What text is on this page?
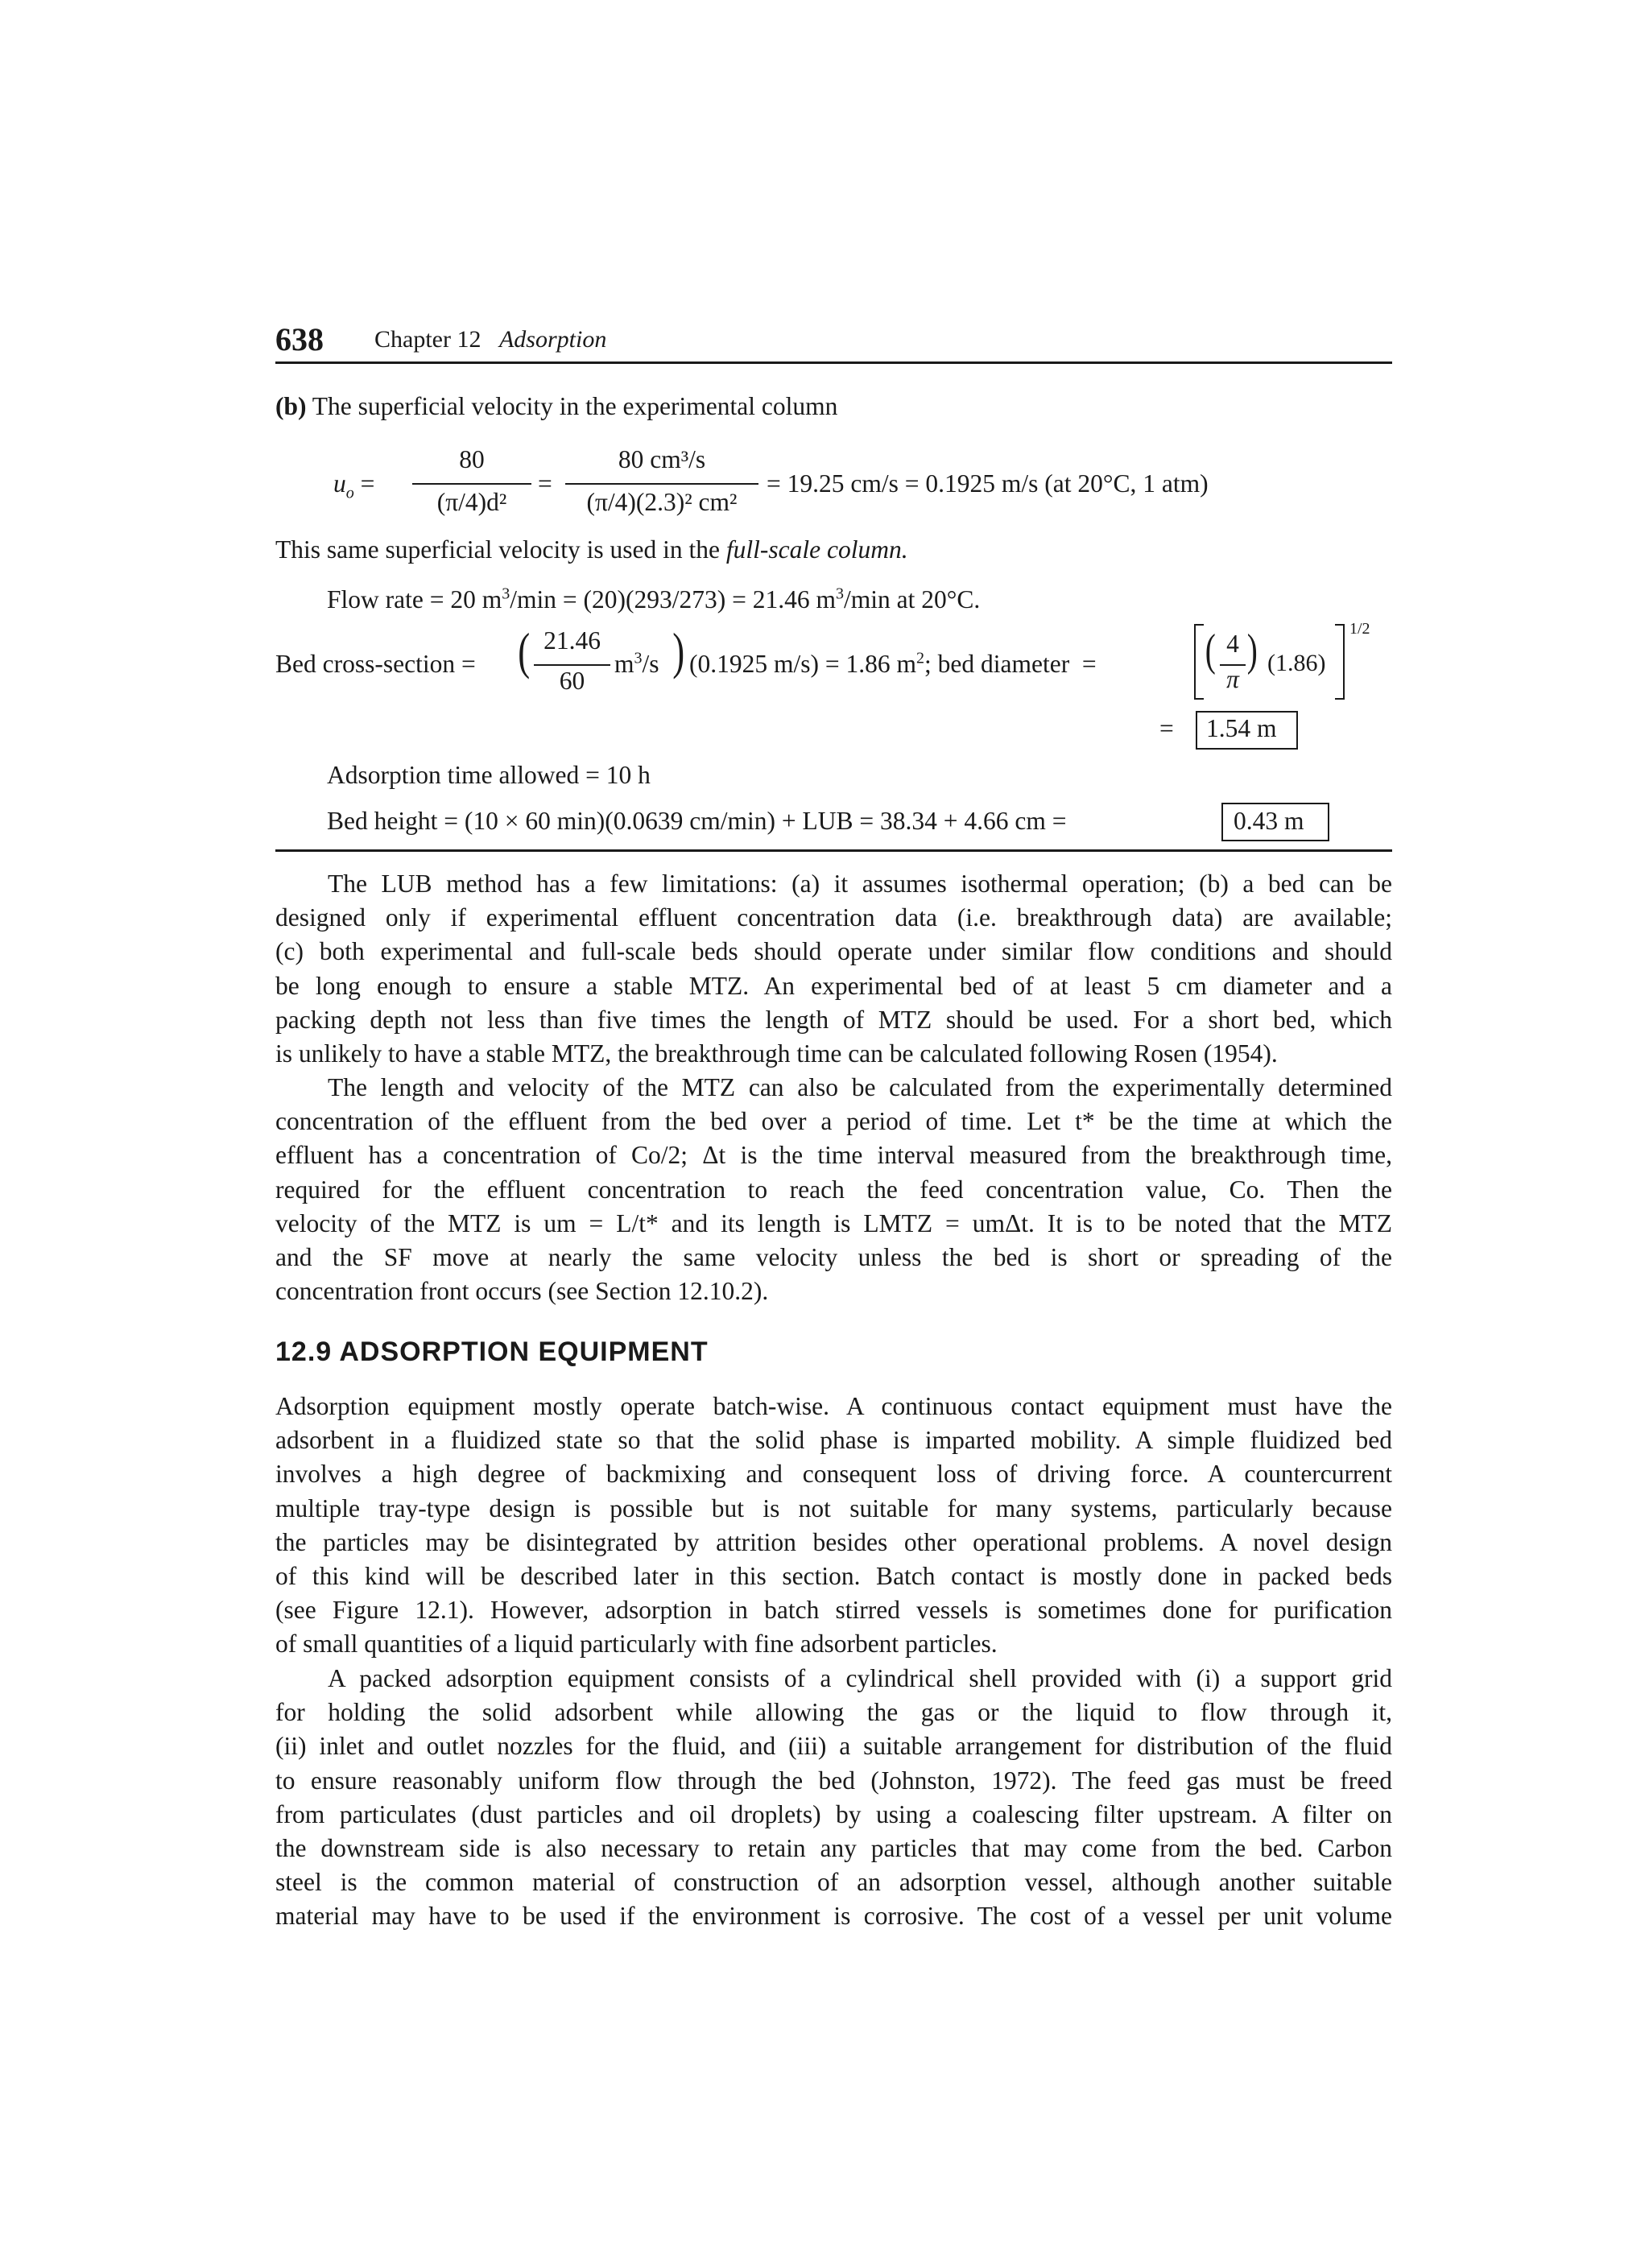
638 Chapter 12 Adsorption
(b) The superficial velocity in the experimental column
$u_o$ =
80
(π/4)d²
=
80 cm³/s
(π/4)(2.3)² cm²
= 19.25 cm/s = 0.1925 m/s (at 20°C, 1 atm)
This same superficial velocity is used in the full-scale column.
Flow rate = 20 $m^3/\min = (20)(293/273) = 21.46$ $m^3/\min$ at 20°C.
Bed cross-section = ( 21.46
60
$m^3/s$ ) (0.1925 m/s) = 1.86 $m^2$; bed diameter  = ( 4
π
) (1.86)
1/2
= 1.54 m
Adsorption time allowed = 10 h
Bed height = (10 × 60 min)(0.0639 cm/min) + LUB = 38.34 + 4.66 cm =	0.43 m
The LUB method has a few limitations: (a) it assumes isothermal operation; (b) a bed can be
designed only if experimental effluent concentration data (i.e. breakthrough data) are available;
(c) both experimental and full-scale beds should operate under similar flow conditions and should
be long enough to ensure a stable MTZ. An experimental bed of at least 5 cm diameter and a
packing depth not less than five times the length of MTZ should be used. For a short bed, which
is unlikely to have a stable MTZ, the breakthrough time can be calculated following Rosen (1954).
The length and velocity of the MTZ can also be calculated from the experimentally determined
concentration of the effluent from the bed over a period of time. Let t* be the time at which the
effluent has a concentration of Co/2; Δt is the time interval measured from the breakthrough time,
required for the effluent concentration to reach the feed concentration value, Co. Then the
velocity of the MTZ is um = L/t* and its length is LMTZ = umΔt. It is to be noted that the MTZ
and the SF move at nearly the same velocity unless the bed is short or spreading of the
concentration front occurs (see Section 12.10.2).
12.9 ADSORPTION EQUIPMENT
Adsorption equipment mostly operate batch-wise. A continuous contact equipment must have the
adsorbent in a fluidized state so that the solid phase is imparted mobility. A simple fluidized bed
involves a high degree of backmixing and consequent loss of driving force. A countercurrent
multiple tray-type design is possible but is not suitable for many systems, particularly because
the particles may be disintegrated by attrition besides other operational problems. A novel design
of this kind will be described later in this section. Batch contact is mostly done in packed beds
(see Figure 12.1). However, adsorption in batch stirred vessels is sometimes done for purification
of small quantities of a liquid particularly with fine adsorbent particles.
A packed adsorption equipment consists of a cylindrical shell provided with (i) a support grid
for holding the solid adsorbent while allowing the gas or the liquid to flow through it,
(ii) inlet and outlet nozzles for the fluid, and (iii) a suitable arrangement for distribution of the fluid
to ensure reasonably uniform flow through the bed (Johnston, 1972). The feed gas must be freed
from particulates (dust particles and oil droplets) by using a coalescing filter upstream. A filter on
the downstream side is also necessary to retain any particles that may come from the bed. Carbon
steel is the common material of construction of an adsorption vessel, although another suitable
material may have to be used if the environment is corrosive. The cost of a vessel per unit volume
